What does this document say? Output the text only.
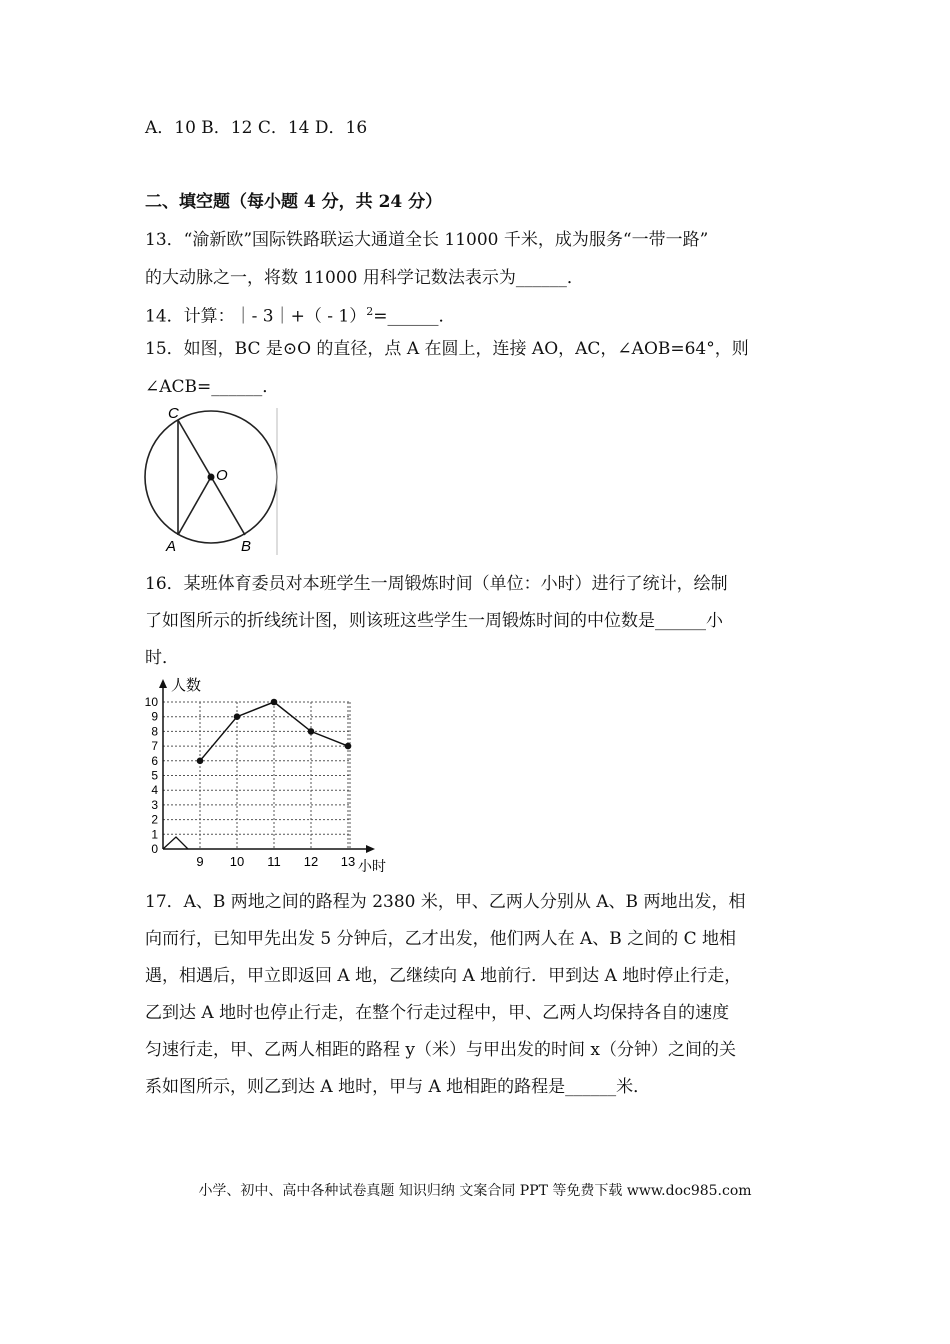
A．10 B．12 C．14 D．16
二、填空题（每小题 4 分，共 24 分）
13．“渝新欧”国际铁路联运大通道全长 11000 千米，成为服务“一带一路”
的大动脉之一，将数 11000 用科学记数法表示为______．
14．计算：｜- 3｜+（ - 1）$^2$=______．
15．如图，BC 是⊙O 的直径，点 A 在圆上，连接 AO，AC，∠AOB=64°，则
∠ACB=______．
C
O
A	B
16．某班体育委员对本班学生一周锻炼时间（单位：小时）进行了统计，绘制
了如图所示的折线统计图，则该班这些学生一周锻炼时间的中位数是______小
时．
0
1
2
3
4
5
6
7
8
9
10
9 10 11 12 13
人数
小时
17．A、B 两地之间的路程为 2380 米，甲、乙两人分别从 A、B 两地出发，相
向而行，已知甲先出发 5 分钟后，乙才出发，他们两人在 A、B 之间的 C 地相
遇，相遇后，甲立即返回 A 地，乙继续向 A 地前行．甲到达 A 地时停止行走，
乙到达 A 地时也停止行走，在整个行走过程中，甲、乙两人均保持各自的速度
匀速行走，甲、乙两人相距的路程 y（米）与甲出发的时间 x（分钟）之间的关
系如图所示，则乙到达 A 地时，甲与 A 地相距的路程是______米．
小学、初中、高中各种试卷真题 知识归纳 文案合同 PPT 等免费下载 www.doc985.com
